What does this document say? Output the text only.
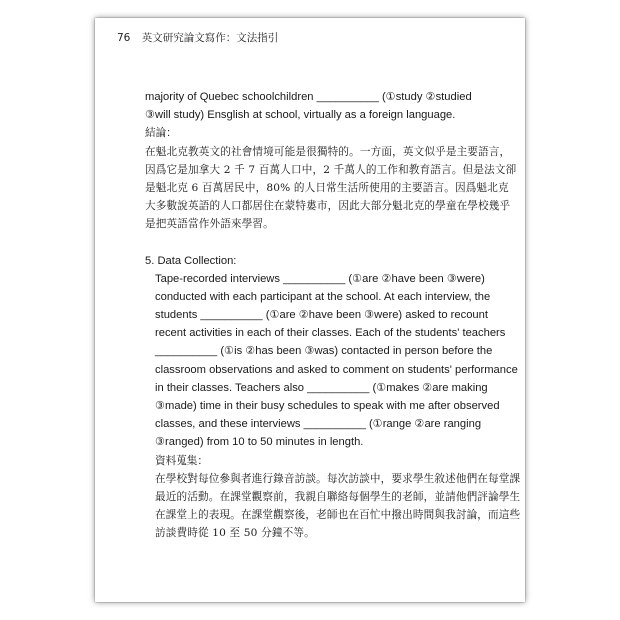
76 英文研究論文寫作：文法指引
majority of Quebec schoolchildren __________ (①study ②studied
③will study) Ensglish at school, virtually as a foreign language.
結論：
在魁北克教英文的社會情境可能是很獨特的。一方面，英文似乎是主要語言，
因爲它是加拿大 2 千 7 百萬人口中，2 千萬人的工作和教育語言。但是法文卻
是魁北克 6 百萬居民中，80% 的人日常生活所使用的主要語言。因爲魁北克
大多數說英語的人口都居住在蒙特婁市，因此大部分魁北克的學童在學校幾乎
是把英語當作外語來學習。
5. Data Collection:
Tape-recorded interviews __________ (①are ②have been ③were)
conducted with each participant at the school. At each interview, the
students __________ (①are ②have been ③were) asked to recount
recent activities in each of their classes. Each of the students' teachers
__________ (①is ②has been ③was) contacted in person before the
classroom observations and asked to comment on students' performance
in their classes. Teachers also __________ (①makes ②are making
③made) time in their busy schedules to speak with me after observed
classes, and these interviews __________ (①range ②are ranging
③ranged) from 10 to 50 minutes in length.
資料蒐集：
在學校對每位參與者進行錄音訪談。每次訪談中，要求學生敘述他們在每堂課
最近的活動。在課堂觀察前，我親自聯絡每個學生的老師，並請他們評論學生
在課堂上的表現。在課堂觀察後，老師也在百忙中撥出時間與我討論，而這些
訪談費時從 10 至 50 分鐘不等。
